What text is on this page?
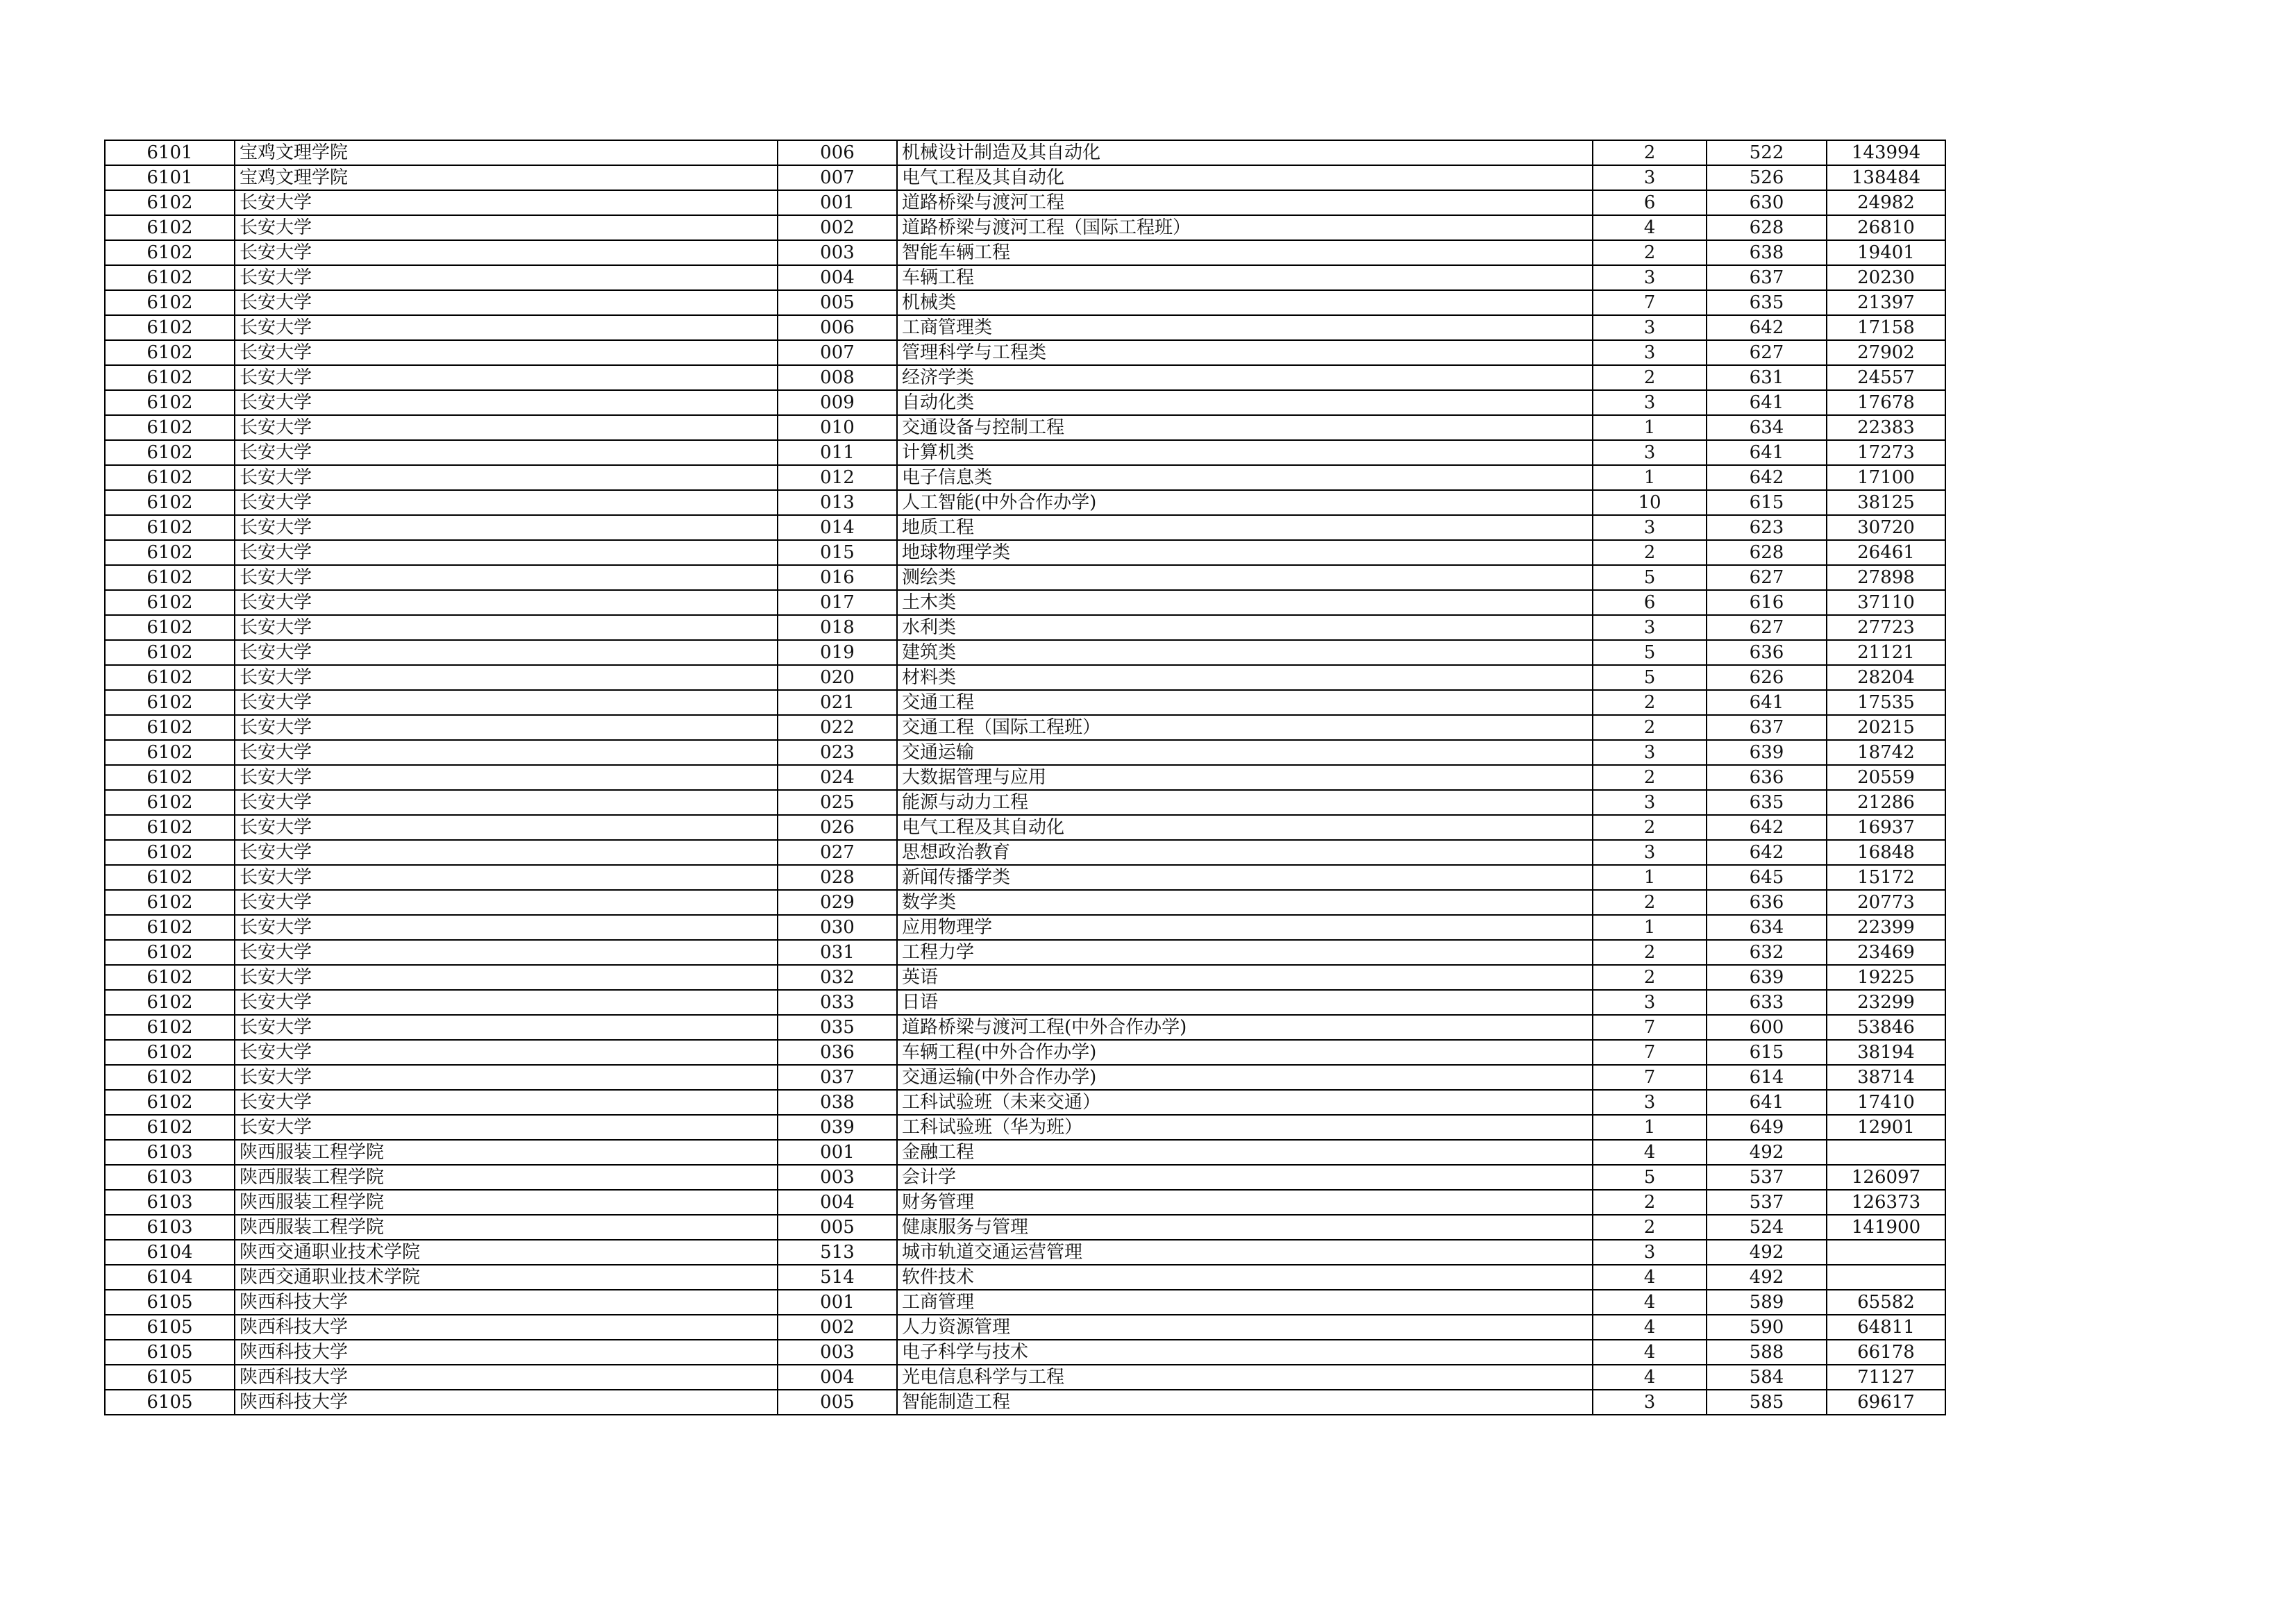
6101	宝鸡文理学院	006	机械设计制造及其自动化	2	522	143994
6101	宝鸡文理学院	007	电气工程及其自动化	3	526	138484
6102	长安大学	001	道路桥梁与渡河工程	6	630	24982
6102	长安大学	002	道路桥梁与渡河工程（国际工程班）	4	628	26810
6102	长安大学	003	智能车辆工程	2	638	19401
6102	长安大学	004	车辆工程	3	637	20230
6102	长安大学	005	机械类	7	635	21397
6102	长安大学	006	工商管理类	3	642	17158
6102	长安大学	007	管理科学与工程类	3	627	27902
6102	长安大学	008	经济学类	2	631	24557
6102	长安大学	009	自动化类	3	641	17678
6102	长安大学	010	交通设备与控制工程	1	634	22383
6102	长安大学	011	计算机类	3	641	17273
6102	长安大学	012	电子信息类	1	642	17100
6102	长安大学	013	人工智能(中外合作办学)	10	615	38125
6102	长安大学	014	地质工程	3	623	30720
6102	长安大学	015	地球物理学类	2	628	26461
6102	长安大学	016	测绘类	5	627	27898
6102	长安大学	017	土木类	6	616	37110
6102	长安大学	018	水利类	3	627	27723
6102	长安大学	019	建筑类	5	636	21121
6102	长安大学	020	材料类	5	626	28204
6102	长安大学	021	交通工程	2	641	17535
6102	长安大学	022	交通工程（国际工程班）	2	637	20215
6102	长安大学	023	交通运输	3	639	18742
6102	长安大学	024	大数据管理与应用	2	636	20559
6102	长安大学	025	能源与动力工程	3	635	21286
6102	长安大学	026	电气工程及其自动化	2	642	16937
6102	长安大学	027	思想政治教育	3	642	16848
6102	长安大学	028	新闻传播学类	1	645	15172
6102	长安大学	029	数学类	2	636	20773
6102	长安大学	030	应用物理学	1	634	22399
6102	长安大学	031	工程力学	2	632	23469
6102	长安大学	032	英语	2	639	19225
6102	长安大学	033	日语	3	633	23299
6102	长安大学	035	道路桥梁与渡河工程(中外合作办学)	7	600	53846
6102	长安大学	036	车辆工程(中外合作办学)	7	615	38194
6102	长安大学	037	交通运输(中外合作办学)	7	614	38714
6102	长安大学	038	工科试验班（未来交通）	3	641	17410
6102	长安大学	039	工科试验班（华为班）	1	649	12901
6103	陕西服装工程学院	001	金融工程	4	492	
6103	陕西服装工程学院	003	会计学	5	537	126097
6103	陕西服装工程学院	004	财务管理	2	537	126373
6103	陕西服装工程学院	005	健康服务与管理	2	524	141900
6104	陕西交通职业技术学院	513	城市轨道交通运营管理	3	492	
6104	陕西交通职业技术学院	514	软件技术	4	492	
6105	陕西科技大学	001	工商管理	4	589	65582
6105	陕西科技大学	002	人力资源管理	4	590	64811
6105	陕西科技大学	003	电子科学与技术	4	588	66178
6105	陕西科技大学	004	光电信息科学与工程	4	584	71127
6105	陕西科技大学	005	智能制造工程	3	585	69617
